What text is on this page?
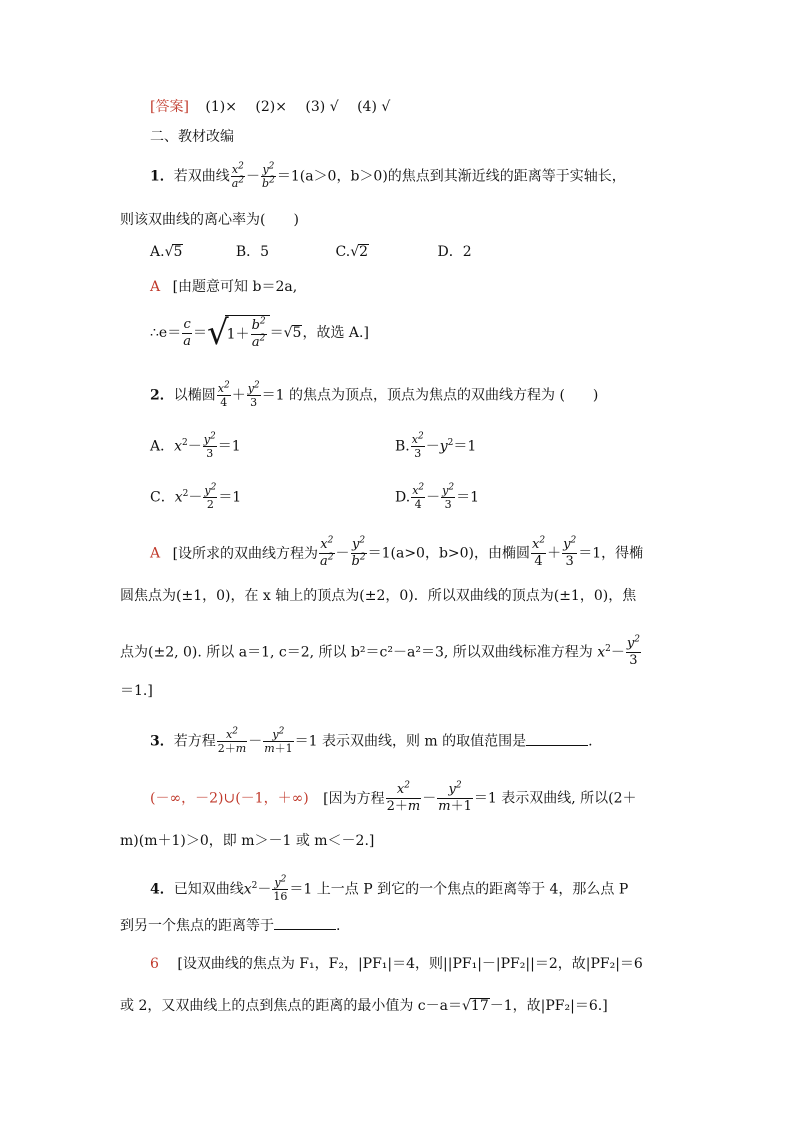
[答案] (1)× (2)× (3) √ (4) √
二、教材改编
1．若双曲线 $\frac{x^2}{a^2} - \frac{y^2}{b^2} =1(a>0$，b＞0)的焦点到其渐近线的距离等于实轴长，
则该双曲线的离心率为(　　)
A.√5	B．5	C.√2	D．2
A [由题意可知 b＝2a,
∴e＝ $\frac{c}{a} =√1+ \frac{b^2}{a^2} =√5$，故选 A.]
2．以椭圆 $\frac{x^2}{4} + \frac{y^2}{3} =1$ 的焦点为顶点，顶点为焦点的双曲线方程为 (　　)
A．$x^2- \frac{y^2}{3} =1$	B. $\frac{x^2}{3} -y^2=1$
C．$x^2- \frac{y^2}{2} =1$	D. $\frac{x^2}{4} - \frac{y^2}{3} =1$
A [设所求的双曲线方程为 $\frac{x^2}{a^2} - \frac{y^2}{b^2} =1(a>0$，b>0)，由椭圆 $\frac{x^2}{4} + \frac{y^2}{3} =1$，得椭
圆焦点为(±1，0)，在 x 轴上的顶点为(±2，0)．所以双曲线的顶点为(±1，0)，焦
点为(±2, 0). 所以 a＝1, c＝2, 所以 b²＝c²－a²＝3, 所以双曲线标准方程为 $x^2- \frac{y^2}{3}$
＝1.]
3．若方程 $\frac{x^2}{2+m} - \frac{y^2}{m+1} =1$ 表示双曲线，则 m 的取值范围是	.
(－∞，－2)∪(－1，＋∞) [因为方程 $\frac{x^2}{2+m} - \frac{y^2}{m+1} =1$ 表示双曲线, 所以(2＋
m)(m＋1)＞0，即 m＞－1 或 m＜－2.]
4．已知双曲线$x^2- \frac{y^2}{16} =1$ 上一点 P 到它的一个焦点的距离等于 4，那么点 P
到另一个焦点的距离等于	.
6 [设双曲线的焦点为 F₁，F₂，|PF₁|＝4，则||PF₁|－|PF₂||＝2，故|PF₂|＝6
或 2，又双曲线上的点到焦点的距离的最小值为 c－a＝√17－1，故|PF₂|＝6.]
